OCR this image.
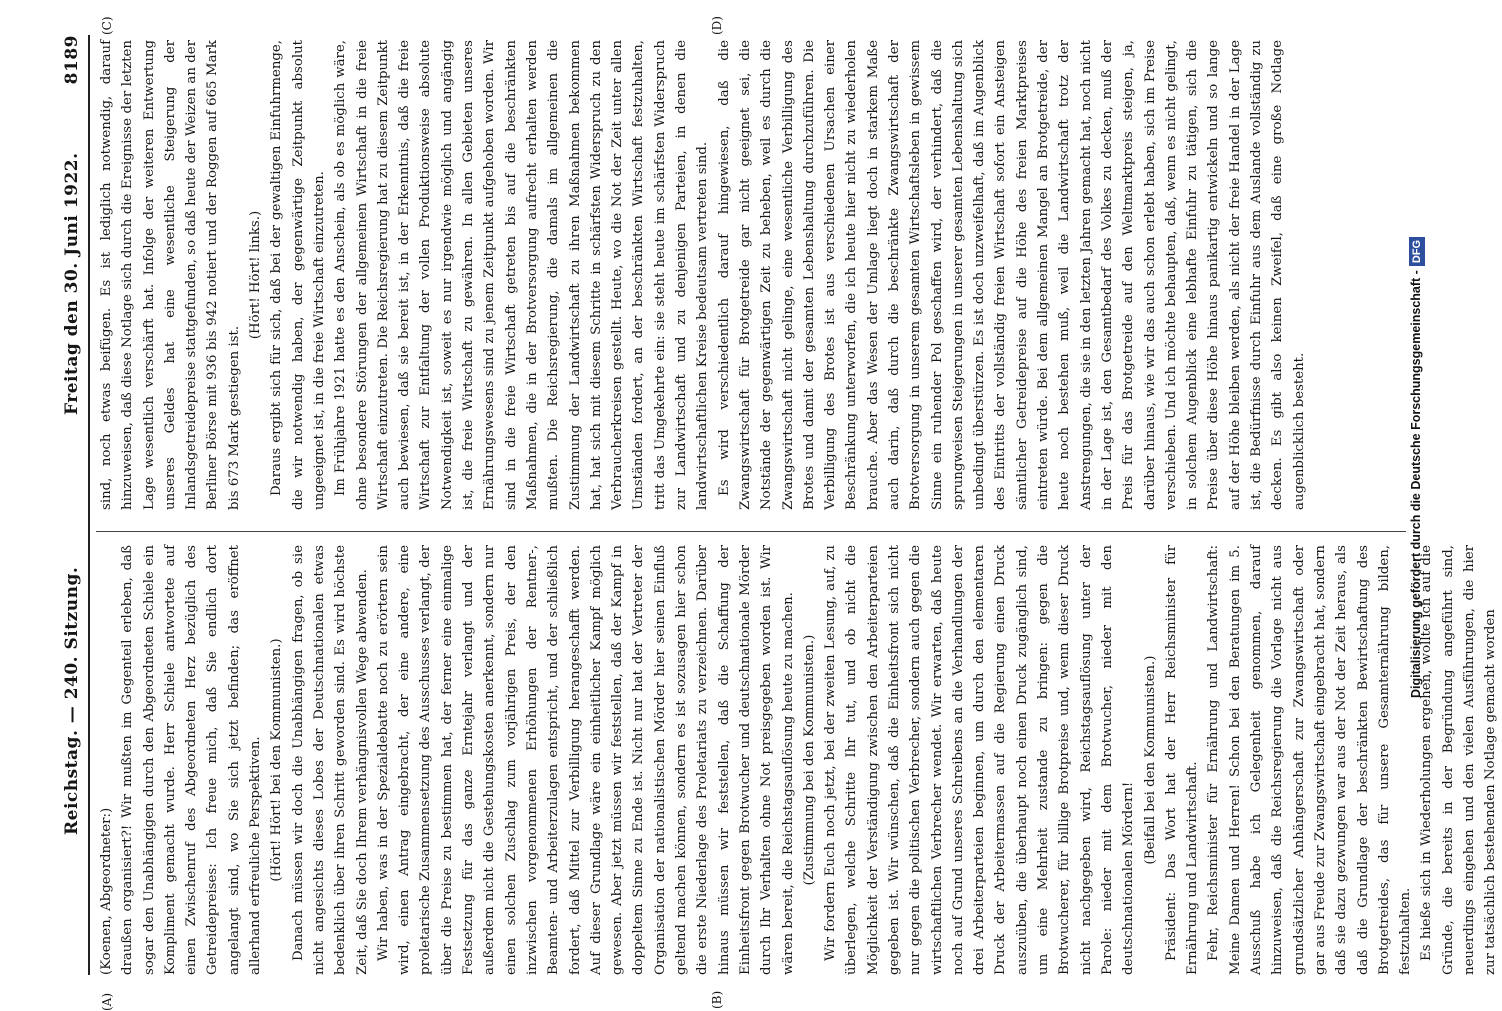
Reichstag. — 240. Sitzung.
Freitag den 30. Juni 1922.
8189
(A)	(B)
(C)	(D)

(Koenen, Abgeordneter:) draußen organisiert?! Wir mußten im Gegenteil erleben, daß sogar den Unabhängigen durch den Abgeordneten Schiele ein Kompliment gemacht wurde. Herr Schiele antwortete auf einen Zwischenruf des Abgeordneten Herz bezüglich des Getreidepreises: Ich freue mich, daß Sie endlich dort angelangt sind, wo Sie sich jetzt befinden; das eröffnet allerhand erfreuliche Perspektiven. (Hört! Hört! bei den Kommunisten.) Danach müssen wir doch die Unabhängigen fragen, ob sie nicht angesichts dieses Lobes der Deutschnationalen etwas bedenklich über ihren Schritt geworden sind. Es wird höchste Zeit, daß Sie doch Ihrem verhängnisvollen Wege abwenden. Wir haben, was in der Spezialdebatte noch zu erörtern sein wird, einen Antrag eingebracht, der eine andere, eine proletarische Zusammensetzung des Ausschusses verlangt, der über die Preise zu bestimmen hat, der ferner eine einmalige Festsetzung für das ganze Erntejahr verlangt und der außerdem nicht die Gestehungskosten anerkennt, sondern nur einen solchen Zuschlag zum vorjährigen Preis, der den inzwischen vorgenommenen Erhöhungen der Rentner-, Beamten- und Arbeiterzulagen entspricht, und der schließlich fordert, daß Mittel zur Verbilligung herangeschafft werden. Auf dieser Grundlage wäre ein einheitlicher Kampf möglich gewesen. Aber jetzt müssen wir feststellen, daß der Kampf in doppeltem Sinne zu Ende ist. Nicht nur hat der Vertreter der Organisation der nationalistischen Mörder hier seinen Einfluß geltend machen können, sondern es ist sozusagen hier schon die erste Niederlage des Proletariats zu verzeichnen. Darüber hinaus müssen wir feststellen, daß die Schaffung der Einheitsfront gegen Brotwucher und deutschnationale Mörder durch Ihr Verhalten ohne Not preisgegeben worden ist. Wir wären bereit, die Reichstagsauflösung heute zu machen. (Zustimmung bei den Kommunisten.) Wir fordern Euch noch jetzt, bei der zweiten Lesung, auf, zu überlegen, welche Schritte Ihr tut, und ob nicht die Möglichkeit der Verständigung zwischen den Arbeiterparteien gegeben ist. Wir wünschen, daß die Einheitsfront sich nicht nur gegen die politischen Verbrecher, sondern auch gegen die wirtschaftlichen Verbrecher wendet. Wir erwarten, daß heute noch auf Grund unseres Schreibens an die Verhandlungen der drei Arbeiterparteien beginnen, um durch den elementaren Druck der Arbeitermassen auf die Regierung einen Druck auszuüben, die überhaupt noch einen Druck zugänglich sind, um eine Mehrheit zustande zu bringen: gegen die Brotwucherer, für billige Brotpreise und, wenn dieser Druck nicht nachgegeben wird, Reichstagsauflösung unter der Parole: nieder mit dem Brotwucher, nieder mit den deutschnationalen Mördern!

(Beifall bei den Kommunisten.) Präsident: Das Wort hat der Herr Reichsminister für Ernährung und Landwirtschaft. Fehr, Reichsminister für Ernährung und Landwirtschaft: Meine Damen und Herren! Schon bei den Beratungen im 5. Ausschuß habe ich Gelegenheit genommen, darauf hinzuweisen, daß die Reichsregierung die Vorlage nicht aus grundsätzlicher Anhängerschaft zur Zwangswirtschaft oder gar aus Freude zur Zwangswirtschaft eingebracht hat, sondern daß sie dazu gezwungen war aus der Not der Zeit heraus, als daß die Grundlage der beschränkten Bewirtschaftung des Brotgetreides, das für unsere Gesamternährung bilden, festzuhalten. Es hieße sich in Wiederholungen ergehen, wollte ich auf die Gründe, die bereits in der Begründung angeführt sind, neuerdings eingehen und den vielen Ausführungen, die hier zur tatsächlich bestehenden Notlage gemacht worden

sind, noch etwas beifügen. Es ist lediglich notwendig, darauf hinzuweisen, daß diese Notlage sich durch die Ereignisse der letzten Lage wesentlich verschärft hat. Infolge der weiteren Entwertung unseres Geldes hat eine wesentliche Steigerung der Inlandsgetreidepreise stattgefunden, so daß heute der Weizen an der Berliner Börse mit 936 bis 942 notiert und der Roggen auf 665 Mark bis 673 Mark gestiegen ist.

(Hört! Hört! links.) Daraus ergibt sich für sich, daß bei der gewaltigen Einfuhrmenge, die wir notwendig haben, der gegenwärtige Zeitpunkt absolut ungeeignet ist, in die freie Wirtschaft einzutreten. Im Frühjahre 1921 hatte es den Anschein, als ob es möglich wäre, ohne besondere Störungen der allgemeinen Wirtschaft in die freie Wirtschaft einzutreten. Die Reichsregierung hat zu diesem Zeitpunkt auch bewiesen, daß sie bereit ist, in der Erkenntnis, daß die freie Wirtschaft zur Entfaltung der vollen Produktionsweise absolute Notwendigkeit ist, soweit es nur irgendwie möglich und angängig ist, die freie Wirtschaft zu gewähren. In allen Gebieten unseres Ernährungswesens sind zu jenem Zeitpunkt aufgehoben worden. Wir sind in die freie Wirtschaft getreten bis auf die beschränkten Maßnahmen, die in der Brotversorgung aufrecht erhalten werden mußten. Die Reichsregierung, die damals im allgemeinen die Zustimmung der Landwirtschaft zu ihren Maßnahmen bekommen hat, hat sich mit diesem Schritte in schärfsten Widerspruch zu den Verbraucherkreisen gestellt. Heute, wo die Not der Zeit unter allen Umständen fordert, an der beschränkten Wirtschaft festzuhalten, tritt das Umgekehrte ein: sie steht heute im schärfsten Widerspruch zur Landwirtschaft und zu denjenigen Parteien, in denen die landwirtschaftlichen Kreise bedeutsam vertreten sind. Es wird verschiedentlich darauf hingewiesen, daß die Zwangswirtschaft für Brotgetreide gar nicht geeignet sei, die Notstände der gegenwärtigen Zeit zu beheben, weil es durch die Zwangswirtschaft nicht gelinge, eine wesentliche Verbilligung des Brotes und damit der gesamten Lebenshaltung durchzuführen. Die Verbilligung des Brotes ist aus verschiedenen Ursachen einer Beschränkung unterworfen, die ich heute hier nicht zu wiederholen brauche. Aber das Wesen der Umlage liegt doch in starkem Maße auch darin, daß durch die beschränkte Zwangswirtschaft der Brotversorgung in unserem gesamten Wirtschaftsleben in gewissem Sinne ein ruhender Pol geschaffen wird, der verhindert, daß die sprungweisen Steigerungen in unserer gesamten Lebenshaltung sich unbedingt überstürzen. Es ist doch unzweifelhaft, daß im Augenblick des Eintritts der vollständig freien Wirtschaft sofort ein Ansteigen sämtlicher Getreidepreise auf die Höhe des freien Marktpreises eintreten würde. Bei dem allgemeinen Mangel an Brotgetreide, der heute noch bestehen muß, weil die Landwirtschaft trotz der Anstrengungen, die sie in den letzten Jahren gemacht hat, noch nicht in der Lage ist, den Gesamtbedarf des Volkes zu decken, muß der Preis für das Brotgetreide auf den Weltmarktpreis steigen, ja, darüber hinaus, wie wir das auch schon erlebt haben, sich im Preise verschieben. Und ich möchte behaupten, daß, wenn es nicht gelingt, in solchem Augenblick eine lebhafte Einfuhr zu tätigen, sich die Preise über diese Höhe hinaus panikartig entwickeln und so lange auf der Höhe bleiben werden, als nicht der freie Handel in der Lage ist, die Bedürfnisse durch Einfuhr aus dem Auslande vollständig zu decken. Es gibt also keinen Zweifel, daß eine große Notlage augenblicklich besteht.	Digitalisierung gefördert durch die Deutsche Forschungsgemeinschaft -DFG
